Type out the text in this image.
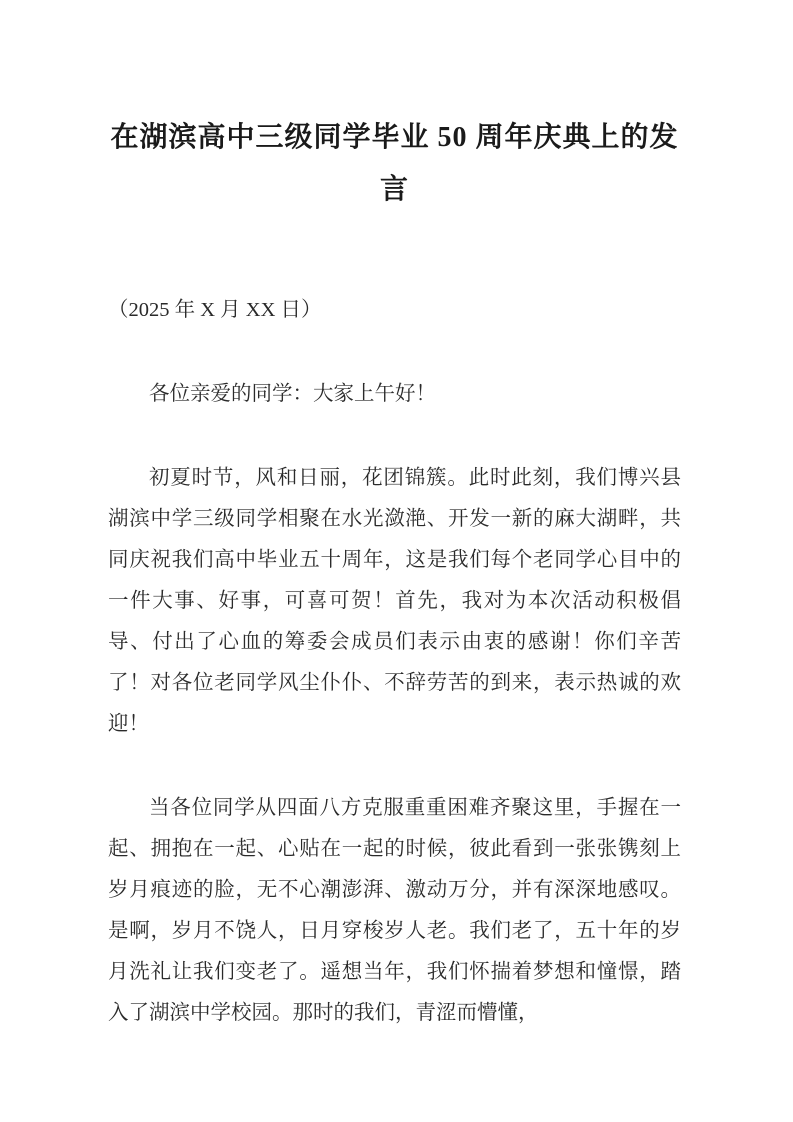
在湖滨高中三级同学毕业 50 周年庆典上的发言

（2025 年 X 月 XX 日）

各位亲爱的同学：大家上午好！

初夏时节，风和日丽，花团锦簇。此时此刻，我们博兴县湖滨中学三级同学相聚在水光潋滟、开发一新的麻大湖畔，共同庆祝我们高中毕业五十周年，这是我们每个老同学心目中的一件大事、好事，可喜可贺！首先，我对为本次活动积极倡导、付出了心血的筹委会成员们表示由衷的感谢！你们辛苦了！对各位老同学风尘仆仆、不辞劳苦的到来，表示热诚的欢迎！

当各位同学从四面八方克服重重困难齐聚这里，手握在一起、拥抱在一起、心贴在一起的时候，彼此看到一张张镌刻上岁月痕迹的脸，无不心潮澎湃、激动万分，并有深深地感叹。是啊，岁月不饶人，日月穿梭岁人老。我们老了，五十年的岁月洗礼让我们变老了。遥想当年，我们怀揣着梦想和憧憬，踏入了湖滨中学校园。那时的我们，青涩而懵懂，
